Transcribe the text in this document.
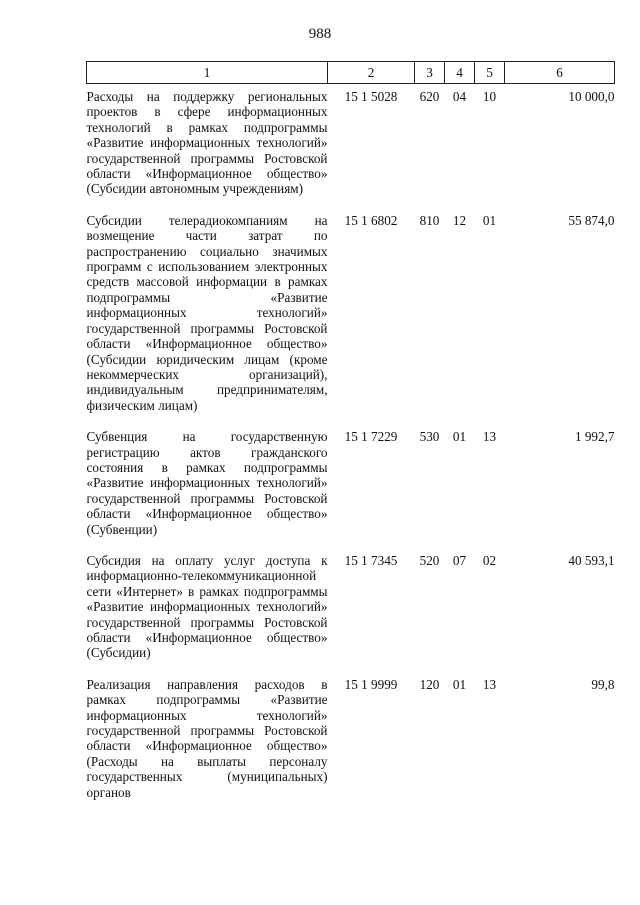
988
1	2	3	4	5	6
Расходы на поддержку региональных проектов в сфере информационных технологий в рамках подпрограммы «Развитие информационных технологий» государственной программы Ростовской области «Информационное общество» (Субсидии автономным учреждениям)	15 1 5028	620	04	10	10 000,0
Субсидии телерадиокомпаниям на возмещение части затрат по распространению социально значимых программ с использованием электронных средств массовой информации в рамках подпрограммы «Развитие информационных технологий» государственной программы Ростовской области «Информационное общество» (Субсидии юридическим лицам (кроме некоммерческих организаций), индивидуальным предпринимателям, физическим лицам)	15 1 6802	810	12	01	55 874,0
Субвенция на государственную регистрацию актов гражданского состояния в рамках подпрограммы «Развитие информационных технологий» государственной программы Ростовской области «Информационное общество» (Субвенции)	15 1 7229	530	01	13	1 992,7
Субсидия на оплату услуг доступа к информационно-телекоммуникационной сети «Интернет» в рамках подпрограммы «Развитие информационных технологий» государственной программы Ростовской области «Информационное общество» (Субсидии)	15 1 7345	520	07	02	40 593,1
Реализация направления расходов в рамках подпрограммы «Развитие информационных технологий» государственной программы Ростовской области «Информационное общество» (Расходы на выплаты персоналу государственных (муниципальных) органов	15 1 9999	120	01	13	99,8
